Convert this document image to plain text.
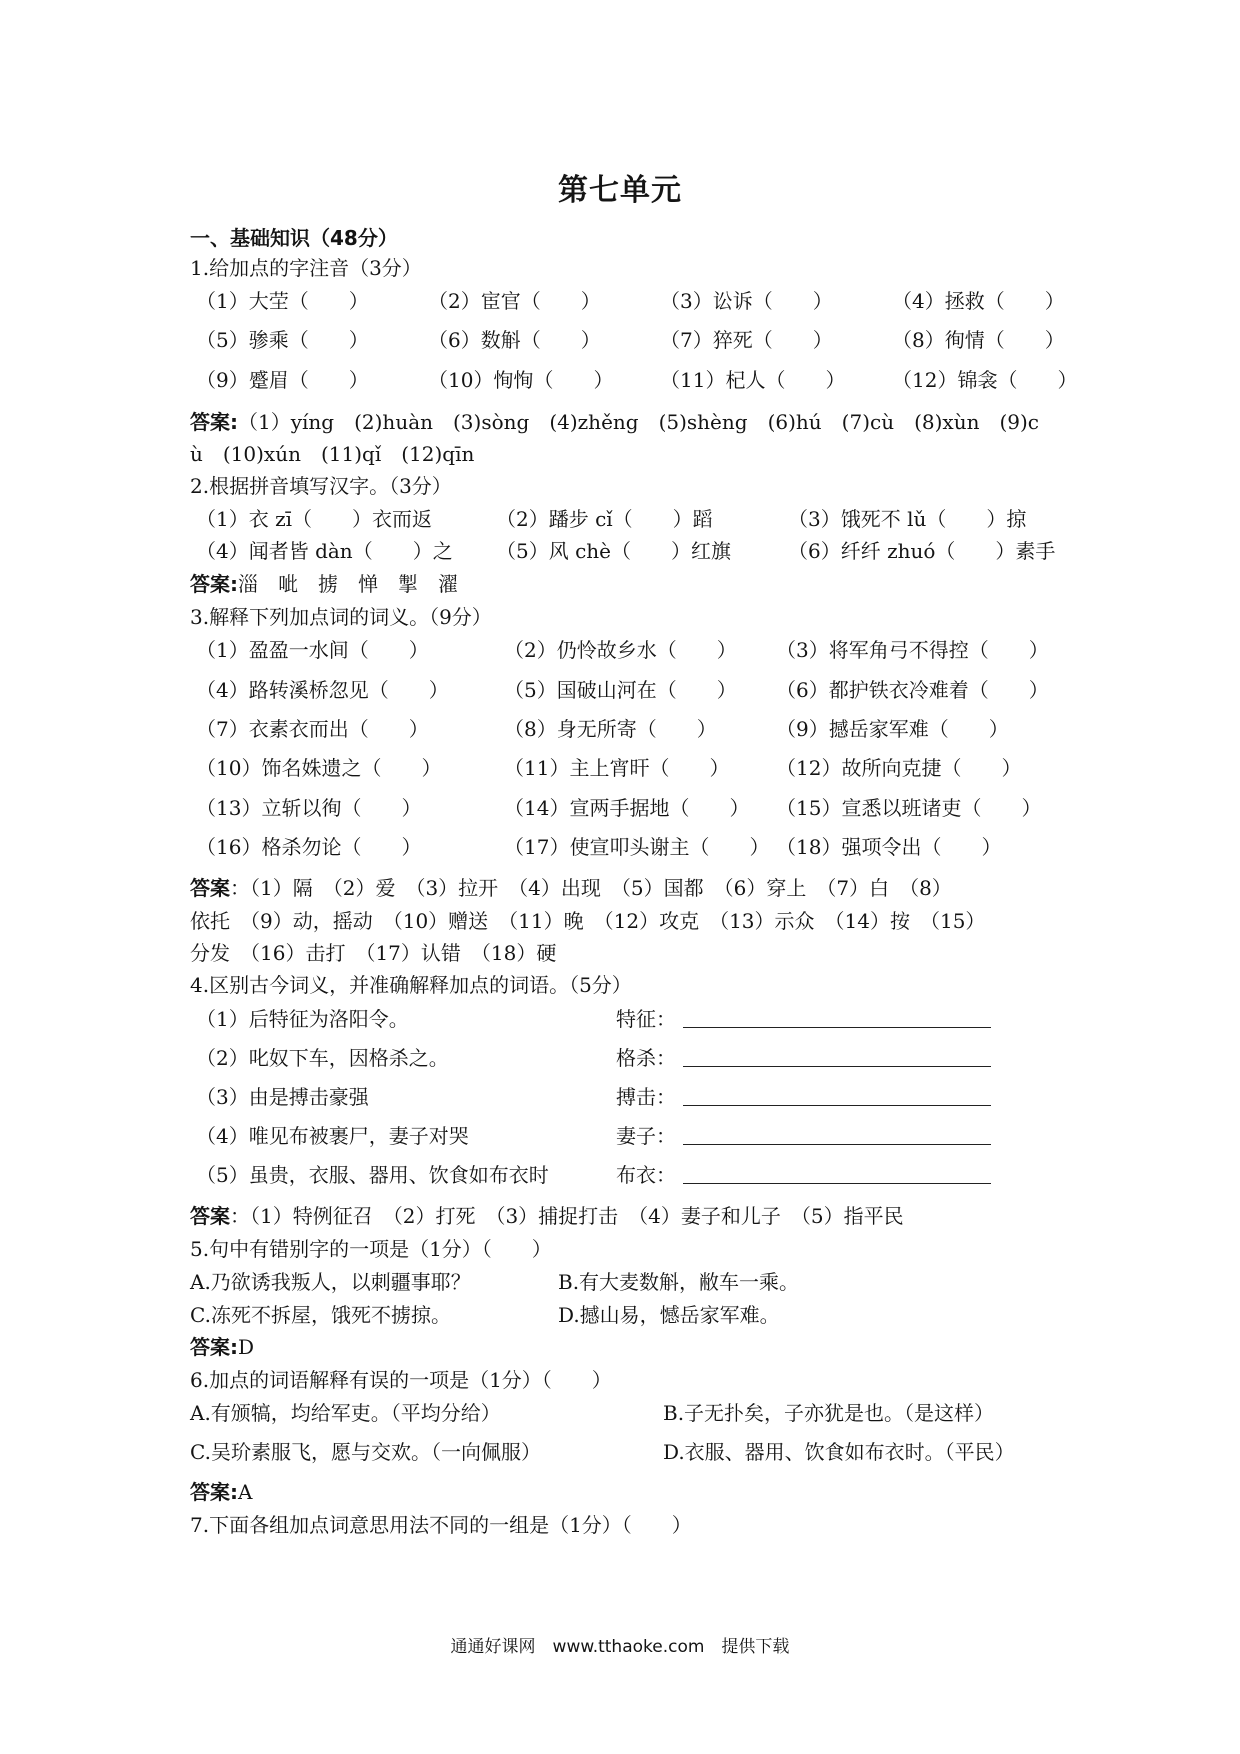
第七单元
一、基础知识（48分）
1.给加点的字注音（3分）
（1）大茔（　　）	（2）宦官（　　）	（3）讼诉（　　）	（4）拯救（　　）
（5）骖乘（　　）	（6）数斛（　　）	（7）猝死（　　）	（8）徇情（　　）
（9）蹙眉（　　）	（10）恂恂（　　） （11）杞人（　　） （12）锦衾（　　）
答案:（1）yíng　(2)huàn　(3)sòng　(4)zhěng　(5)shèng　(6)hú　(7)cù　(8)xùn　(9)c
ù　(10)xún　(11)qǐ　(12)qīn
2.根据拼音填写汉字。（3分）
（1）衣 zī（　　）衣而返	（2）蹯步 cǐ（　　）蹈	（3）饿死不 lǔ（　　）掠
（4）闻者皆 dàn（　　）之 （5）风 chè（　　）红旗	（6）纤纤 zhuó（　　）素手
答案:淄　呲　掳　惮　掣　濯
3.解释下列加点词的词义。（9分）
（1）盈盈一水间（　　）	（2）仍怜故乡水（　　） （3）将军角弓不得控（　　）
（4）路转溪桥忽见（　　）	（5）国破山河在（　　） （6）都护铁衣冷难着（　　）
（7）衣素衣而出（　　）	（8）身无所寄（　　）	（9）撼岳家军难（　　）
（10）饰名姝遗之（　　）	（11）主上宵旰（　　） （12）故所向克捷（　　）
（13）立斩以徇（　　）	（14）宣两手据地（　　） （15）宣悉以班诸吏（　　）
（16）格杀勿论（　　）	（17）使宣叩头谢主（　　） （18）强项令出（　　）
答案：（1）隔　（2）爱　（3）拉开　（4）出现　（5）国都　（6）穿上　（7）白　（8）
依托　（9）动，摇动　（10）赠送　（11）晚　（12）攻克　（13）示众　（14）按　（15）
分发　（16）击打　（17）认错　（18）硬
4.区别古今词义，并准确解释加点的词语。（5分）
（1）后特征为洛阳令。	特征：
（2）叱奴下车，因格杀之。	格杀：
（3）由是搏击豪强	搏击：
（4）唯见布被裹尸，妻子对哭	妻子：
（5）虽贵，衣服、器用、饮食如布衣时	布衣：
答案：（1）特例征召　（2）打死　（3）捕捉打击　（4）妻子和儿子　（5）指平民
5.句中有错别字的一项是（1分）（　　）
A.乃欲诱我叛人，以刺疆事耶？	B.有大麦数斛，敝车一乘。
C.冻死不拆屋，饿死不掳掠。	D.撼山易，憾岳家军难。
答案:D
6.加点的词语解释有误的一项是（1分）（　　）
A.有颁犒，均给军吏。（平均分给）	B.子无扑矣，子亦犹是也。（是这样）
C.吴玠素服飞，愿与交欢。（一向佩服）	D.衣服、器用、饮食如布衣时。（平民）
答案:A
7.下面各组加点词意思用法不同的一组是（1分）（　　）
通通好课网　www.tthaoke.com　提供下载
